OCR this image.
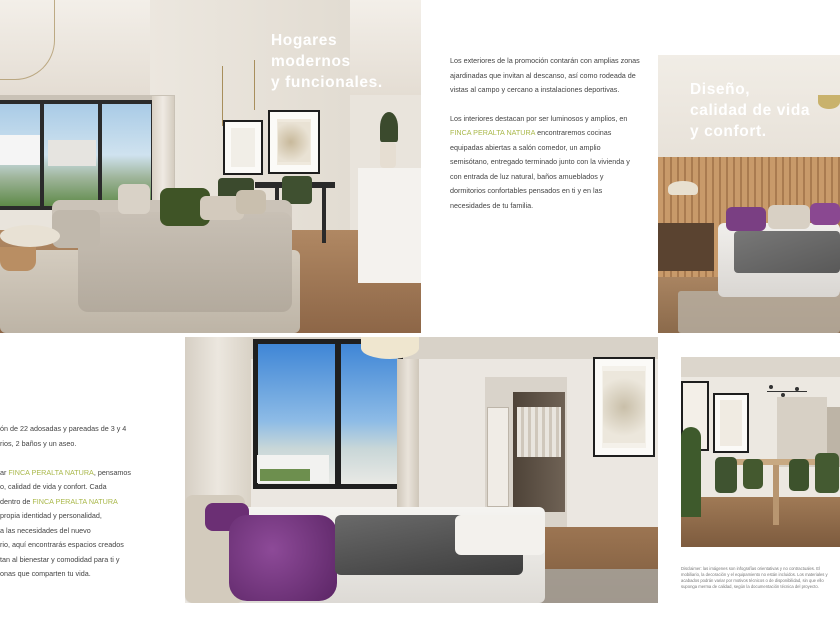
Hogares
modernos
y funcionales.

Los exteriores de la promoción contarán con amplias zonas ajardinadas que invitan al descanso, así como rodeada de vistas al campo y cercano a instalaciones deportivas.

Los interiores destacan por ser luminosos y amplios, en FINCA PERALTA NATURA encontraremos cocinas equipadas abiertas a salón comedor, un amplio semisótano, entregado terminado junto con la vivienda y con entrada de luz natural, baños amueblados y dormitorios confortables pensados en ti y en las necesidades de tu familia.

Diseño,
calidad de vida
y confort.
ón de 22 adosadas y pareadas de 3 y 4
rios, 2 baños y un aseo.
ar FINCA PERALTA NATURA, pensamos
o, calidad de vida y confort. Cada
dentro de FINCA PERALTA NATURA
propia identidad y personalidad,
a las necesidades del nuevo
rio, aquí encontrarás espacios creados
tan al bienestar y comodidad para ti y
onas que comparten tu vida.
Disclaimer: las imágenes son infografías orientativas y no contractuales. El mobiliario, la decoración y el equipamiento no están incluidos. Los materiales y acabados podrán variar por motivos técnicos o de disponibilidad, sin que ello suponga merma de calidad, según la documentación técnica del proyecto.
